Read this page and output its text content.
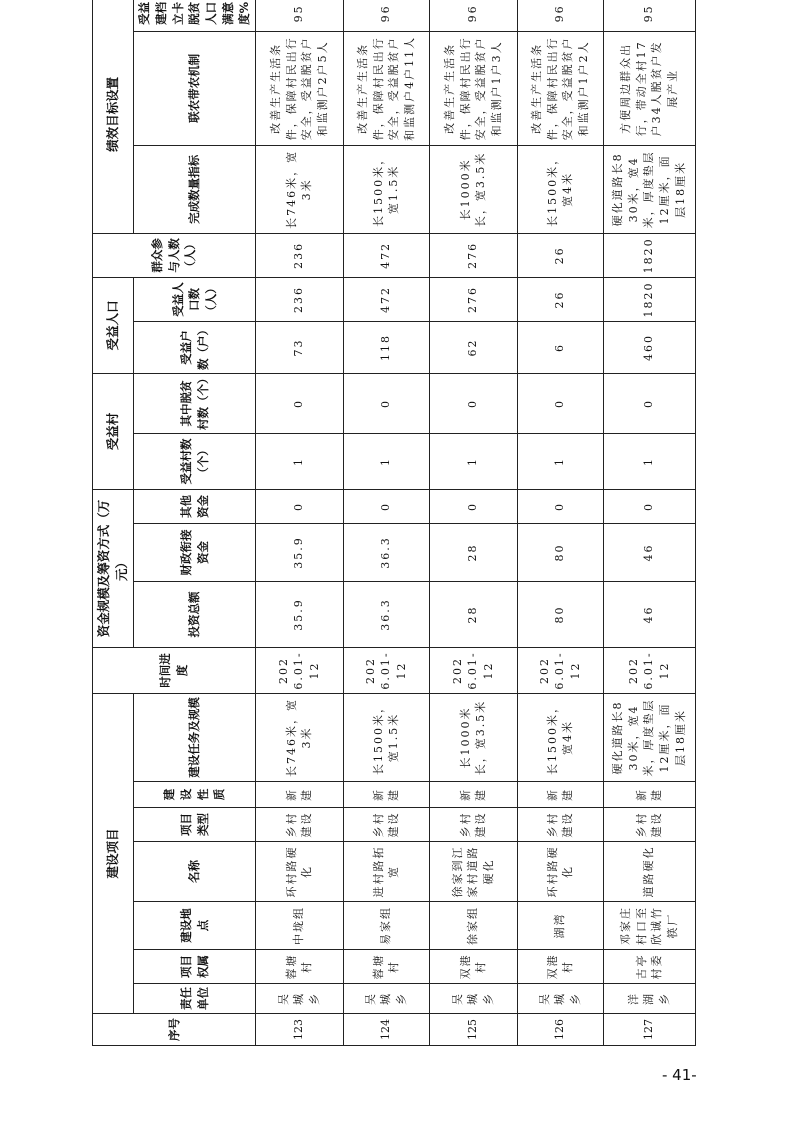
序号	建设项目							时间进度	资金规模及筹资方式（万元）			受益村		受益人口		群众参与人数（人）	绩效目标设置		
	责任单位	项目权属	建设地点	名称	项目类型	建设性质	建设任务及规模		投资总额	财政衔接资金	其他资金	受益村数（个）	其中脱贫村数（个）	受益户数（户）	受益人口数（人）		完成数量指标	联农带农机制	受益建档立卡脱贫人口满意度%
123	吴城乡	蓉塘村	中垅组	环村路硬化	乡村建设	新建	长746米，宽3米	2026.01-12	35.9	35.9	0	1	0	73	236	236	长746米，宽3米	改善生产生活条件，保障村民出行安全，受益脱贫户和监测户2户5人	95
124	吴城乡	蓉塘村	易家组	进村路拓宽	乡村建设	新建	长1500米，宽1.5米	2026.01-12	36.3	36.3	0	1	0	118	472	472	长1500米，宽1.5米	改善生产生活条件，保障村民出行安全，受益脱贫户和监测户4户11人	96
125	吴城乡	双港村	徐家组	徐家到江家村道路硬化	乡村建设	新建	长1000米长，宽3.5米	2026.01-12	28	28	0	1	0	62	276	276	长1000米长，宽3.5米	改善生产生活条件，保障村民出行安全，受益脱贫户和监测户1户3人	96
126	吴城乡	双港村	湖湾	环村路硬化	乡村建设	新建	长1500米，宽4米	2026.01-12	80	80	0	1	0	6	26	26	长1500米，宽4米	改善生产生活条件，保障村民出行安全，受益脱贫户和监测户1户2人	96
127	洋湖乡	古亭村委	邓家庄村口至欣诚竹筷厂	道路硬化	乡村建设	新建	硬化道路长830米，宽4米，厚度垫层12厘米，面层18厘米	2026.01-12	46	46	0	1	0	460	1820	1820	硬化道路长830米，宽4米，厚度垫层12厘米，面层18厘米	方便周边群众出行，带动全村17户34人脱贫户发展产业	95
- 41-
